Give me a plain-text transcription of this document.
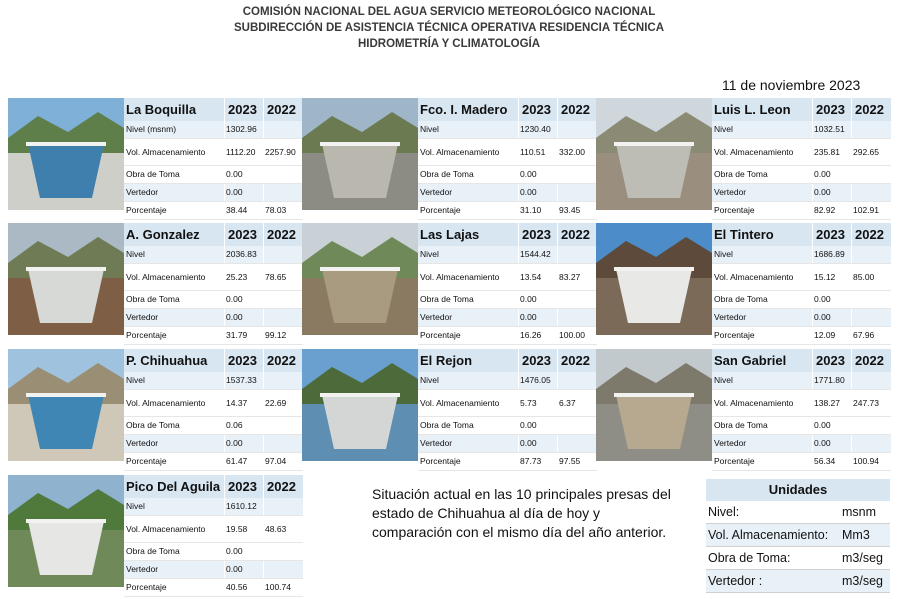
COMISIÓN NACIONAL DEL AGUA SERVICIO METEOROLÓGICO NACIONAL
SUBDIRECCIÓN DE ASISTENCIA TÉCNICA OPERATIVA RESIDENCIA TÉCNICA
HIDROMETRÍA Y CLIMATOLOGÍA
11 de noviembre 2023
La Boquilla 2023 2022
Nivel (msnm)	1302.96
Vol. Almacenamiento 1112.20 2257.90
Obra de Toma	0.00
Vertedor	0.00
Porcentaje	38.44 78.03
Fco. I. Madero 2023 2022
Nivel	1230.40
Vol. Almacenamiento 110.51 332.00
Obra de Toma	0.00
Vertedor	0.00
Porcentaje	31.10 93.45
Luis L. Leon 2023 2022
Nivel	1032.51
Vol. Almacenamiento 235.81 292.65
Obra de Toma	0.00
Vertedor	0.00
Porcentaje	82.92 102.91
A. Gonzalez 2023 2022
Nivel	2036.83
Vol. Almacenamiento 25.23 78.65
Obra de Toma	0.00
Vertedor	0.00
Porcentaje	31.79 99.12
Las Lajas	2023 2022
Nivel	1544.42
Vol. Almacenamiento 13.54 83.27
Obra de Toma	0.00
Vertedor	0.00
Porcentaje	16.26 100.00
El Tintero	2023 2022
Nivel	1686.89
Vol. Almacenamiento 15.12 85.00
Obra de Toma	0.00
Vertedor	0.00
Porcentaje	12.09 67.96
P. Chihuahua 2023 2022
Nivel	1537.33
Vol. Almacenamiento 14.37 22.69
Obra de Toma	0.06
Vertedor	0.00
Porcentaje	61.47 97.04
El Rejon	2023 2022
Nivel	1476.05
Vol. Almacenamiento 5.73	6.37
Obra de Toma	0.00
Vertedor	0.00
Porcentaje	87.73 97.55
San Gabriel 2023 2022
Nivel	1771.80
Vol. Almacenamiento 138.27 247.73
Obra de Toma	0.00
Vertedor	0.00
Porcentaje	56.34 100.94
Pico Del Aguila 2023 2022
Nivel	1610.12
Vol. Almacenamiento 19.58 48.63
Obra de Toma	0.00
Vertedor	0.00
Porcentaje	40.56 100.74
Situación actual en las 10 principales presas del estado de Chihuahua al día de hoy y comparación con el mismo día del año anterior.
Unidades
Nivel:	msnm
Vol. Almacenamiento: Mm3
Obra de Toma:	m3/seg
Vertedor :	m3/seg
